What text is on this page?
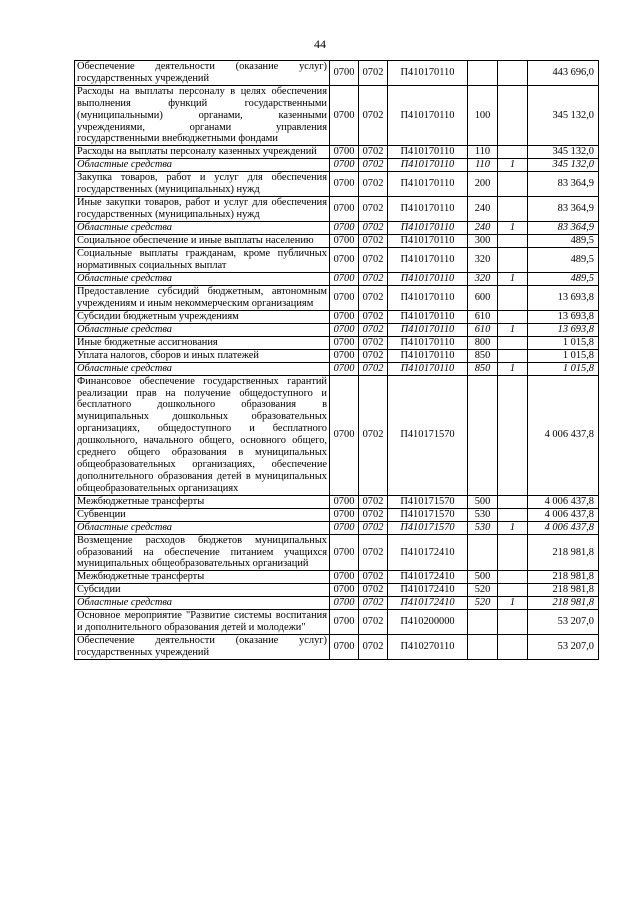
44
Обеспечение деятельности (оказание услуг) государственных учреждений	0700	0702	П410170110			443 696,0
Расходы на выплаты персоналу в целях обеспечения выполнения функций государственными (муниципальными) органами, казенными учреждениями, органами управления государственными внебюджетными фондами	0700	0702	П410170110	100		345 132,0
Расходы на выплаты персоналу казенных учреждений	0700	0702	П410170110	110		345 132,0
Областные средства	0700	0702	П410170110	110	1	345 132,0
Закупка товаров, работ и услуг для обеспечения государственных (муниципальных) нужд	0700	0702	П410170110	200		83 364,9
Иные закупки товаров, работ и услуг для обеспечения государственных (муниципальных) нужд	0700	0702	П410170110	240		83 364,9
Областные средства	0700	0702	П410170110	240	1	83 364,9
Социальное обеспечение и иные выплаты населению	0700	0702	П410170110	300		489,5
Социальные выплаты гражданам, кроме публичных нормативных социальных выплат	0700	0702	П410170110	320		489,5
Областные средства	0700	0702	П410170110	320	1	489,5
Предоставление субсидий бюджетным, автономным учреждениям и иным некоммерческим организациям	0700	0702	П410170110	600		13 693,8
Субсидии бюджетным учреждениям	0700	0702	П410170110	610		13 693,8
Областные средства	0700	0702	П410170110	610	1	13 693,8
Иные бюджетные ассигнования	0700	0702	П410170110	800		1 015,8
Уплата налогов, сборов и иных платежей	0700	0702	П410170110	850		1 015,8
Областные средства	0700	0702	П410170110	850	1	1 015,8
Финансовое обеспечение государственных гарантий реализации прав на получение общедоступного и бесплатного дошкольного образования в муниципальных дошкольных образовательных организациях, общедоступного и бесплатного дошкольного, начального общего, основного общего, среднего общего образования в муниципальных общеобразовательных организациях, обеспечение дополнительного образования детей в муниципальных общеобразовательных организациях	0700	0702	П410171570			4 006 437,8
Межбюджетные трансферты	0700	0702	П410171570	500		4 006 437,8
Субвенции	0700	0702	П410171570	530		4 006 437,8
Областные средства	0700	0702	П410171570	530	1	4 006 437,8
Возмещение расходов бюджетов муниципальных образований на обеспечение питанием учащихся муниципальных общеобразовательных организаций	0700	0702	П410172410			218 981,8
Межбюджетные трансферты	0700	0702	П410172410	500		218 981,8
Субсидии	0700	0702	П410172410	520		218 981,8
Областные средства	0700	0702	П410172410	520	1	218 981,8
Основное мероприятие "Развитие системы воспитания и дополнительного образования детей и молодежи"	0700	0702	П410200000			53 207,0
Обеспечение деятельности (оказание услуг) государственных учреждений	0700	0702	П410270110			53 207,0
